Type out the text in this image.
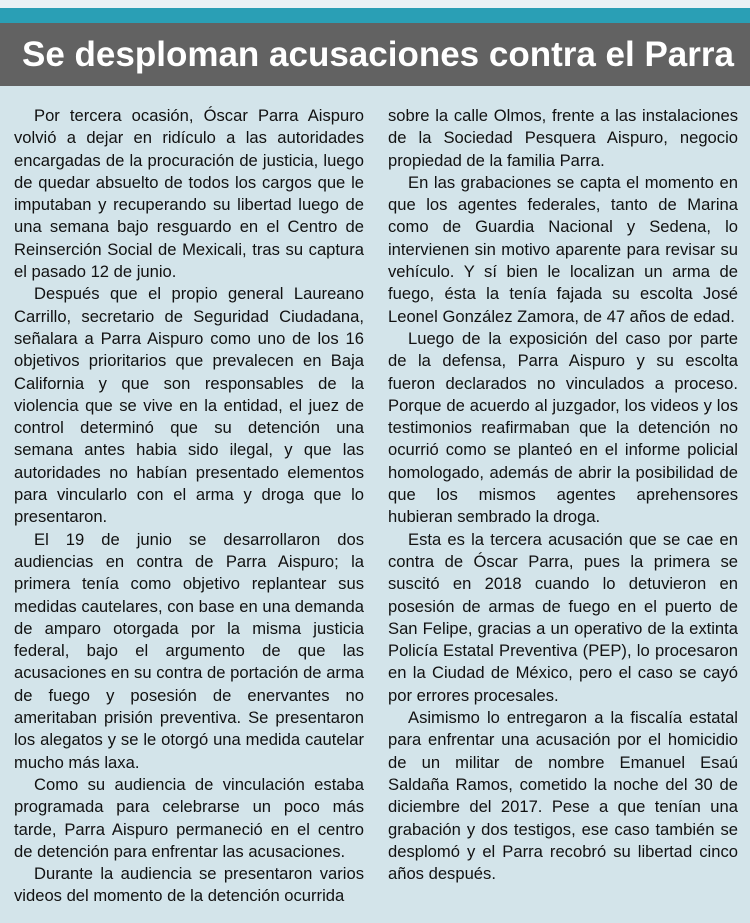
Se desploman acusaciones contra el Parra

Por tercera ocasión, Óscar Parra Aispuro volvió a dejar en ridículo a las autoridades encargadas de la procuración de justicia, luego de quedar absuelto de todos los cargos que le imputaban y recuperando su libertad luego de una semana bajo resguardo en el Centro de Reinserción Social de Mexicali, tras su captura el pasado 12 de junio.

Después que el propio general Laureano Carrillo, secretario de Seguridad Ciudadana, señalara a Parra Aispuro como uno de los 16 objetivos prioritarios que prevalecen en Baja California y que son responsables de la violencia que se vive en la entidad, el juez de control determinó que su detención una semana antes habia sido ilegal, y que las autoridades no habían presentado elementos para vincularlo con el arma y droga que lo presentaron.

El 19 de junio se desarrollaron dos audiencias en contra de Parra Aispuro; la primera tenía como objetivo replantear sus medidas cautelares, con base en una demanda de amparo otorgada por la misma justicia federal, bajo el argumento de que las acusaciones en su contra de portación de arma de fuego y posesión de enervantes no ameritaban prisión preventiva. Se presentaron los alegatos y se le otorgó una medida cautelar mucho más laxa.

Como su audiencia de vinculación estaba programada para celebrarse un poco más tarde, Parra Aispuro permaneció en el centro de detención para enfrentar las acusaciones.

Durante la audiencia se presentaron varios videos del momento de la detención ocurrida

sobre la calle Olmos, frente a las instalaciones de la Sociedad Pesquera Aispuro, negocio propiedad de la familia Parra.

En las grabaciones se capta el momento en que los agentes federales, tanto de Marina como de Guardia Nacional y Sedena, lo intervienen sin motivo aparente para revisar su vehículo. Y sí bien le localizan un arma de fuego, ésta la tenía fajada su escolta José Leonel González Zamora, de 47 años de edad.

Luego de la exposición del caso por parte de la defensa, Parra Aispuro y su escolta fueron declarados no vinculados a proceso. Porque de acuerdo al juzgador, los videos y los testimonios reafirmaban que la detención no ocurrió como se planteó en el informe policial homologado, además de abrir la posibilidad de que los mismos agentes aprehensores hubieran sembrado la droga.

Esta es la tercera acusación que se cae en contra de Óscar Parra, pues la primera se suscitó en 2018 cuando lo detuvieron en posesión de armas de fuego en el puerto de San Felipe, gracias a un operativo de la extinta Policía Estatal Preventiva (PEP), lo procesaron en la Ciudad de México, pero el caso se cayó por errores procesales.

Asimismo lo entregaron a la fiscalía estatal para enfrentar una acusación por el homicidio de un militar de nombre Emanuel Esaú Saldaña Ramos, cometido la noche del 30 de diciembre del 2017. Pese a que tenían una grabación y dos testigos, ese caso también se desplomó y el Parra recobró su libertad cinco años después.
